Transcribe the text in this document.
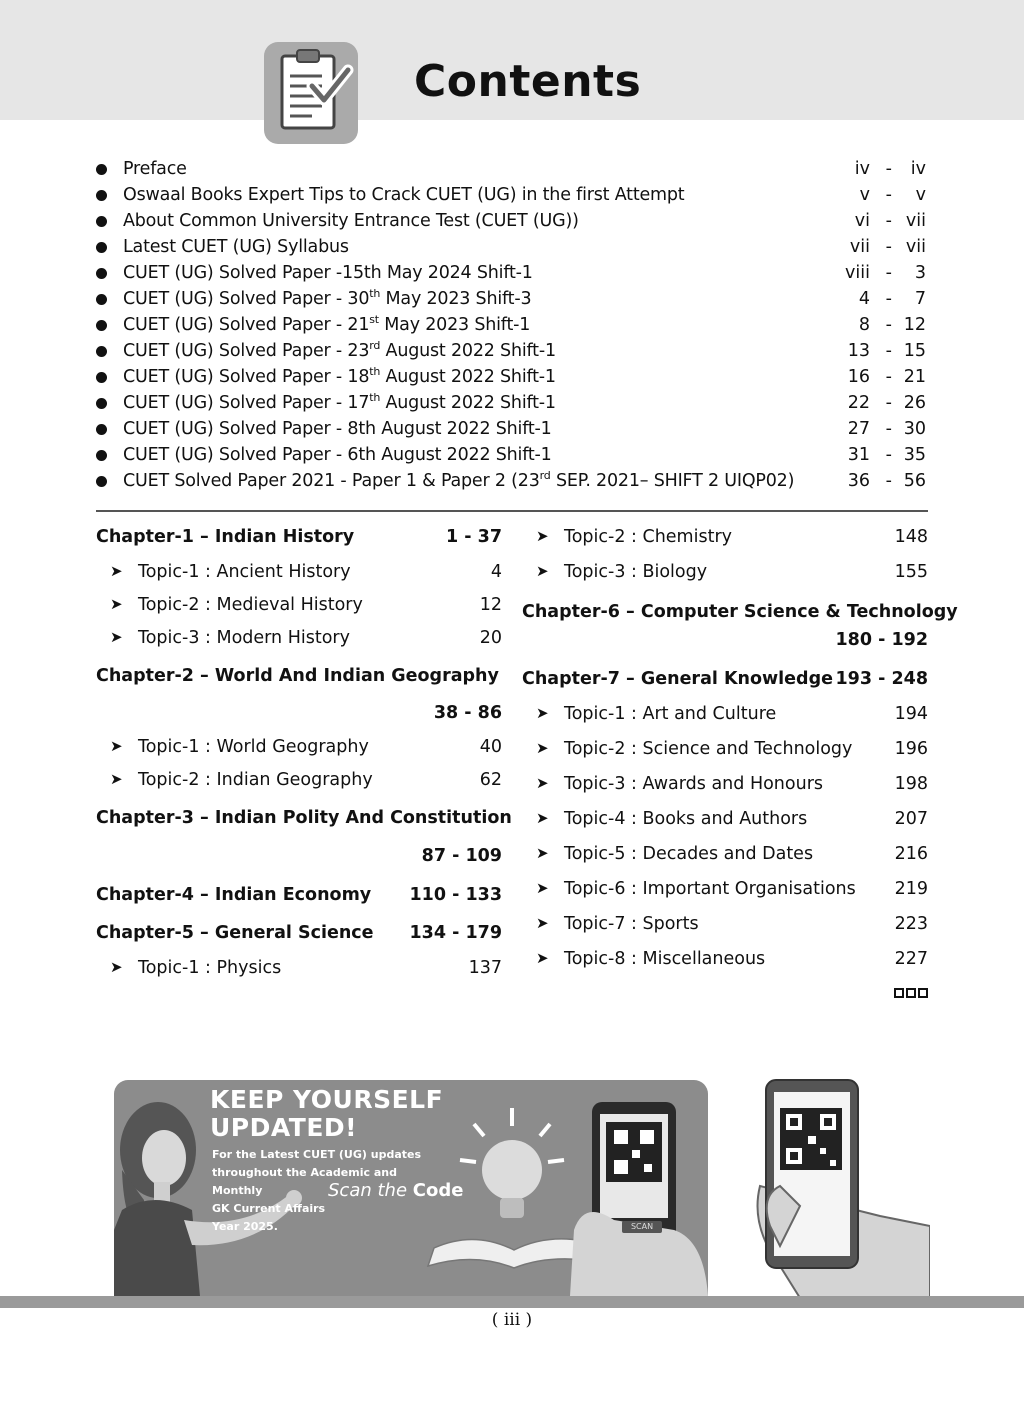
Contents
Preface	iv -	iv
Oswaal Books Expert Tips to Crack CUET (UG) in the first Attempt	v -	v
About Common University Entrance Test (CUET (UG))	vi - vii
Latest CUET (UG) Syllabus	vii - vii
CUET (UG) Solved Paper -15th May 2024 Shift-1	viii -	3
CUET (UG) Solved Paper - 30th May 2023 Shift-3	4 -	7
CUET (UG) Solved Paper - 21st May 2023 Shift-1	8 - 12
CUET (UG) Solved Paper - 23rd August 2022 Shift-1	13 - 15
CUET (UG) Solved Paper - 18th August 2022 Shift-1	16 - 21
CUET (UG) Solved Paper - 17th August 2022 Shift-1	22 - 26
CUET (UG) Solved Paper - 8th August 2022 Shift-1	27 - 30
CUET (UG) Solved Paper - 6th August 2022 Shift-1	31 - 35
CUET Solved Paper 2021 - Paper 1 & Paper 2 (23rd SEP. 2021– SHIFT 2 UIQP02)	36 - 56
Chapter-1 – Indian History	1 - 37
➤ Topic-1 : Ancient History	4
➤ Topic-2 : Medieval History	12
➤ Topic-3 : Modern History	20
Chapter-2 – World And Indian Geography
38 - 86
➤ Topic-1 : World Geography	40
➤ Topic-2 : Indian Geography	62
Chapter-3 – Indian Polity And Constitution
87 - 109
Chapter-4 – Indian Economy 110 - 133
Chapter-5 – General Science 134 - 179
➤ Topic-1 : Physics	137
➤ Topic-2 : Chemistry	148
➤ Topic-3 : Biology	155
Chapter-6 – Computer Science & Technology
180 - 192
Chapter-7 – General Knowledge 193 - 248
➤ Topic-1 : Art and Culture	194
➤ Topic-2 : Science and Technology 196
➤ Topic-3 : Awards and Honours	198
➤ Topic-4 : Books and Authors	207
➤ Topic-5 : Decades and Dates	216
➤ Topic-6 : Important Organisations 219
➤ Topic-7 : Sports	223
➤ Topic-8 : Miscellaneous	227
KEEP YOURSELF
UPDATED!
For the Latest CUET (UG) updates
throughout the Academic and Monthly
GK Current Affairs
Year 2025.
Scan the Code
SCAN
( iii )
